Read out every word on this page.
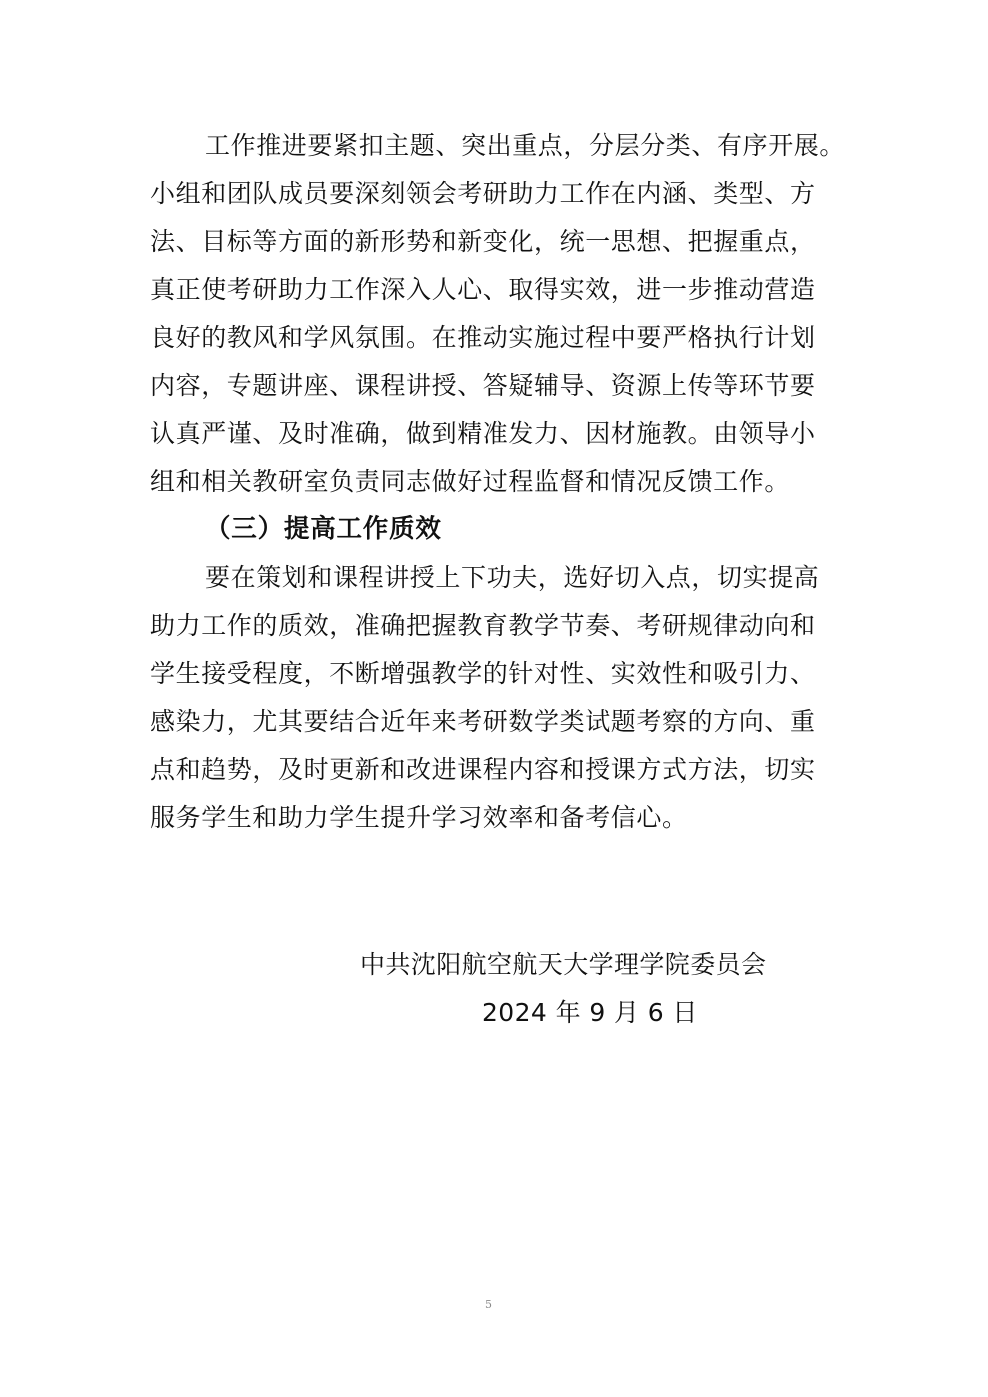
工作推进要紧扣主题、突出重点，分层分类、有序开展。
小组和团队成员要深刻领会考研助力工作在内涵、类型、方
法、目标等方面的新形势和新变化，统一思想、把握重点，
真正使考研助力工作深入人心、取得实效，进一步推动营造
良好的教风和学风氛围。在推动实施过程中要严格执行计划
内容，专题讲座、课程讲授、答疑辅导、资源上传等环节要
认真严谨、及时准确，做到精准发力、因材施教。由领导小
组和相关教研室负责同志做好过程监督和情况反馈工作。
（三）提高工作质效
要在策划和课程讲授上下功夫，选好切入点，切实提高
助力工作的质效，准确把握教育教学节奏、考研规律动向和
学生接受程度，不断增强教学的针对性、实效性和吸引力、
感染力，尤其要结合近年来考研数学类试题考察的方向、重
点和趋势，及时更新和改进课程内容和授课方式方法，切实
服务学生和助力学生提升学习效率和备考信心。
中共沈阳航空航天大学理学院委员会
2024 年 9 月 6 日
5
